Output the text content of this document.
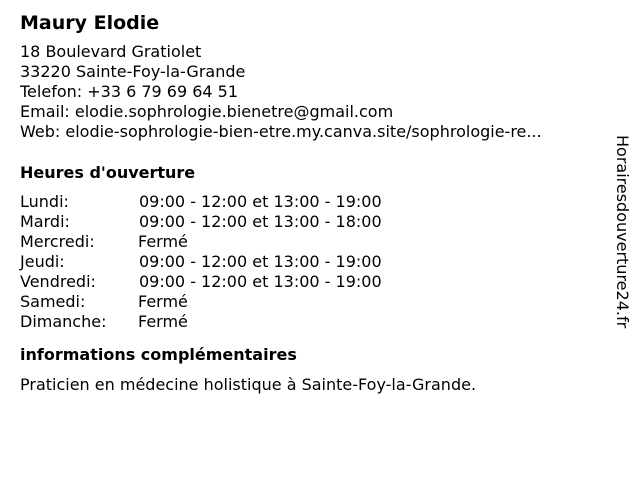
Maury Elodie
18 Boulevard Gratiolet
33220 Sainte-Foy-la-Grande
Telefon: +33 6 79 69 64 51
Email: elodie.sophrologie.bienetre@gmail.com
Web: elodie-sophrologie-bien-etre.my.canva.site/sophrologie-re...
Heures d'ouverture
Lundi:	09:00 - 12:00 et 13:00 - 19:00
Mardi:	09:00 - 12:00 et 13:00 - 18:00
Mercredi:	Fermé
Jeudi:	09:00 - 12:00 et 13:00 - 19:00
Vendredi:	09:00 - 12:00 et 13:00 - 19:00
Samedi:	Fermé
Dimanche: Fermé
informations complémentaires
Praticien en médecine holistique à Sainte-Foy-la-Grande.
Horairesdouverture24.fr
